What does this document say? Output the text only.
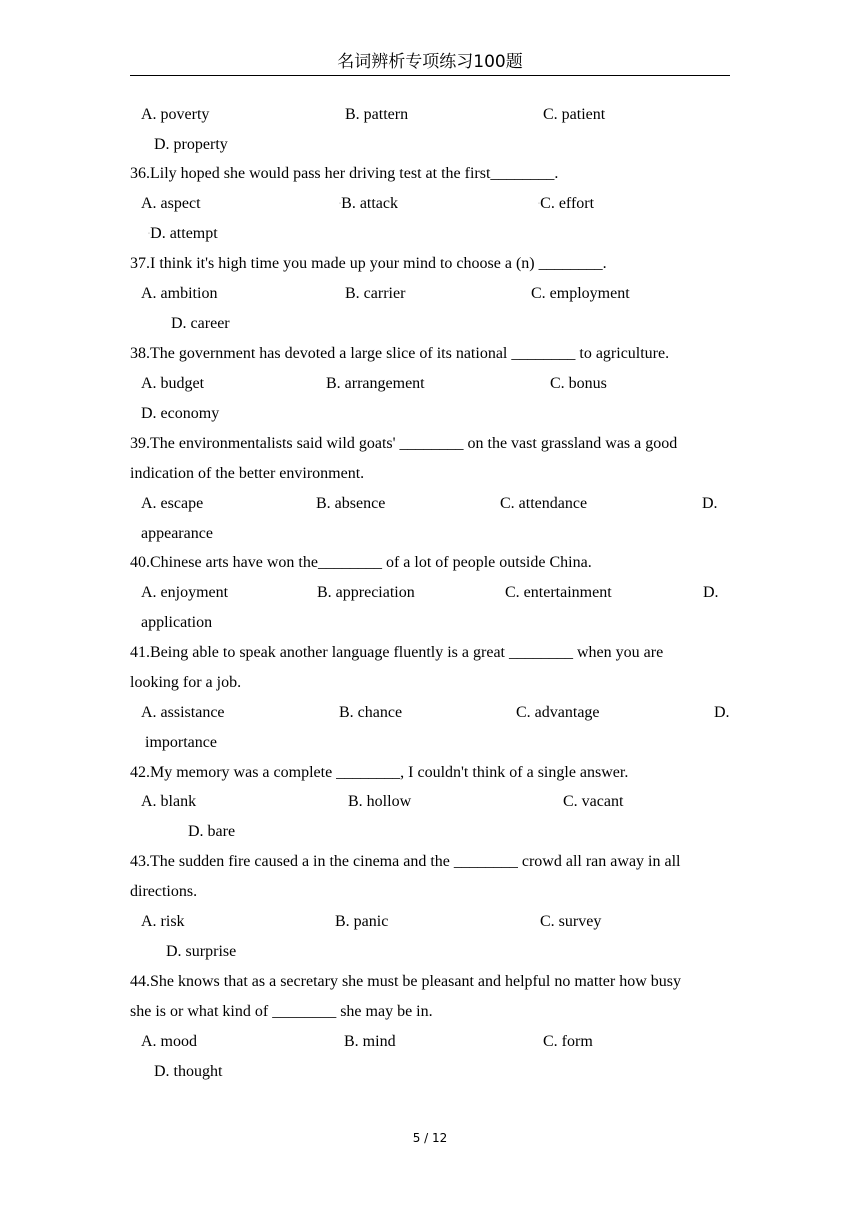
名词辨析专项练习100题
A. poverty	B. pattern	C. patient
D. property
36.Lily hoped she would pass her driving test at the first________.
A. aspect	◦B. attack	◦C. effort
◦D. attempt
37.I think it's high time you made up your mind to choose a (n) ________.
A. ambition	B. carrier	C. employment
D. career
38.The government has devoted a large slice of its national ________ to agriculture.
A. budget	B. arrangement	C. bonus
D. economy
39.The environmentalists said wild goats' ________ on the vast grassland was a good
indication of the better environment.
A. escape	B. absence	C. attendance	D.
appearance
40.Chinese arts have won the________ of a lot of people outside China.
A. enjoyment	B. appreciation	C. entertainment	D.
application
41.Being able to speak another language fluently is a great ________ when you are
looking for a job.
A. assistance	B. chance	C. advantage	D.
importance
42.My memory was a complete ________, I couldn't think of a single answer.
A. blank	B. hollow	C. vacant
D. bare
43.The sudden fire caused a in the cinema and the ________ crowd all ran away in all
directions.
A. risk	B. panic	C. survey
D. surprise
44.She knows that as a secretary she must be pleasant and helpful no matter how busy
she is or what kind of ________ she may be in.
A. mood	B. mind	C. form
D. thought
5 / 12
